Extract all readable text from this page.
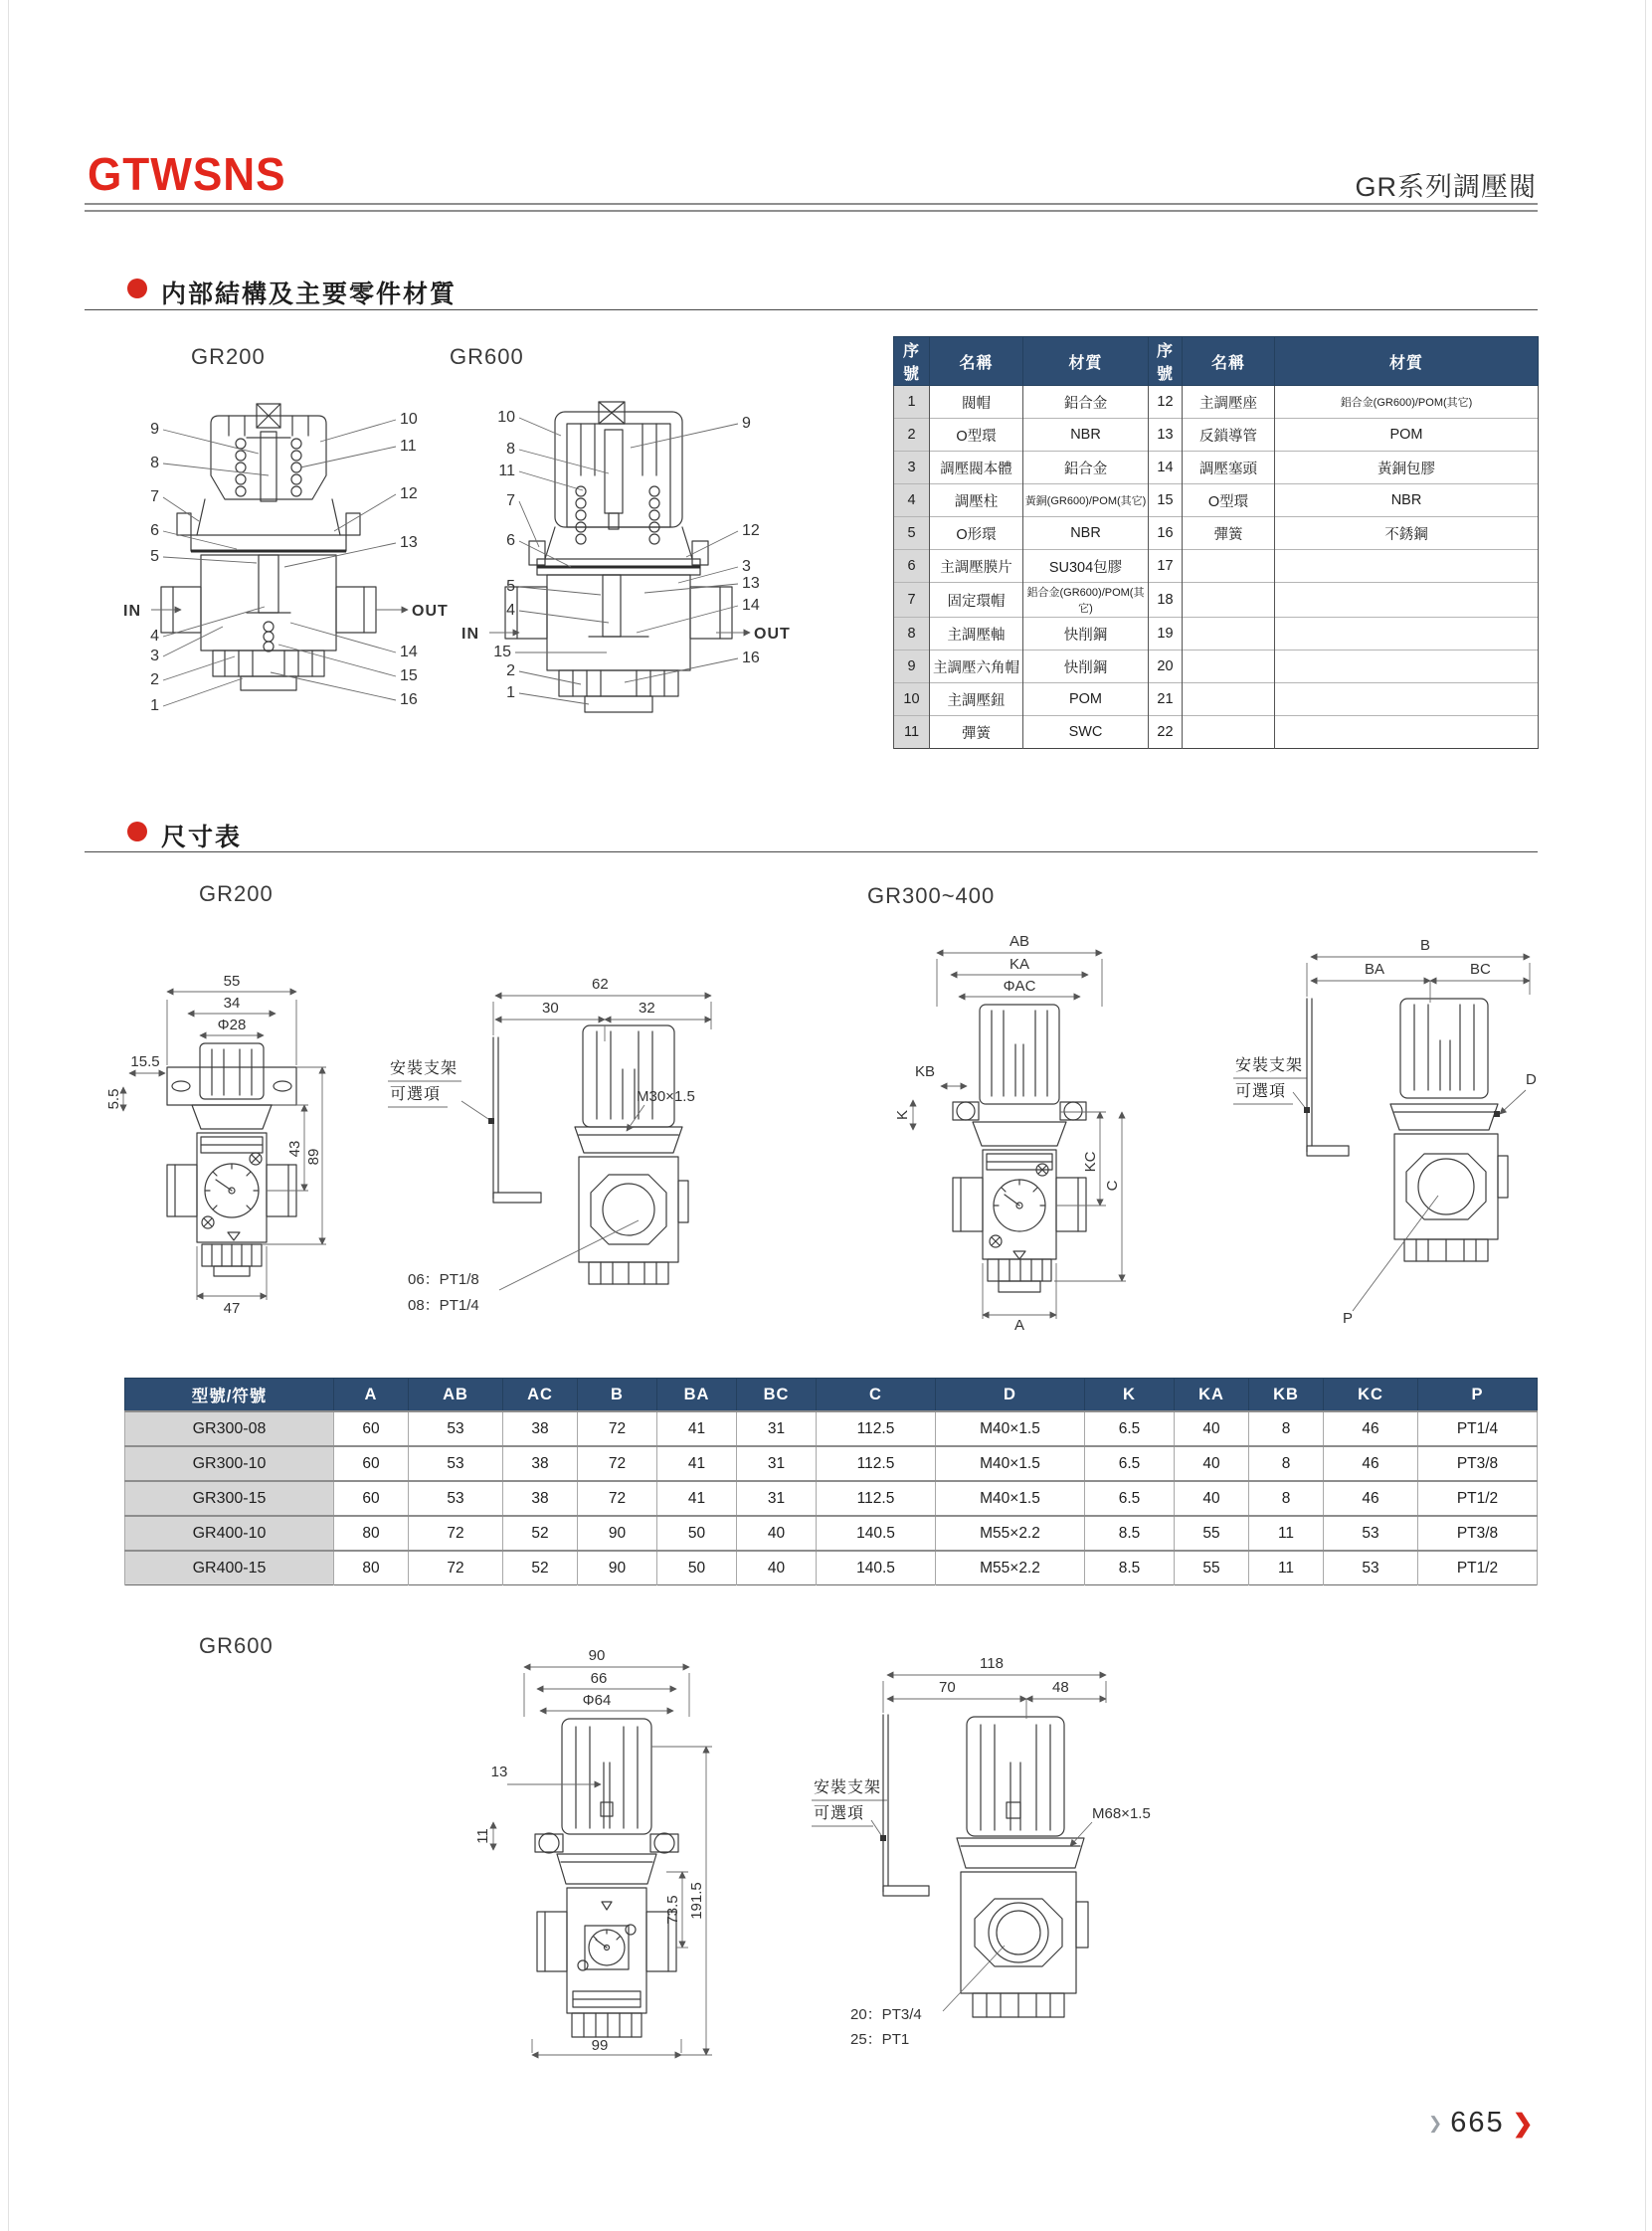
GTWSNS	GR系列調壓閥
内部結構及主要零件材質
GR200	GR600
IN	OUT
9
8
7
6
5
4
3
2
1
10
11
12
13
14
15
16
IN	OUT
10
8
11
7
6
5
4
15
2
1
9
12
3
13
14
16
序號	名稱	材質	序號	名稱	材質
1	閥帽	鋁合金	12	主調壓座	鋁合金(GR600)/POM(其它)
2	O型環	NBR	13	反鎖導管	POM
3	調壓閥本體	鋁合金	14	調壓塞頭	黃銅包膠
4	調壓柱	黃銅(GR600)/POM(其它)	15	O型環	NBR
5	O形環	NBR	16	彈簧	不銹鋼
6	主調壓膜片	SU304包膠	17		
7	固定環帽	鋁合金(GR600)/POM(其它)	18		
8	主調壓軸	快削鋼	19		
9	主調壓六角帽	快削鋼	20		
10	主調壓鈕	POM	21		
11	彈簧	SWC	22		
尺寸表
GR200	GR300~400
55
34
Φ28
15.5
5.5
43 89
47
安裝支架
可選項
62
30	32
M30×1.5
06：PT1/8
08：PT1/4
AB
KA
ΦAC
KB
K
KC
C
A
安裝支架
可選項
B
BA	BC
D
P
型號/符號	A	AB	AC	B	BA	BC	C	D	K	KA	KB	KC	P
GR300-08	60	53	38	72	41	31	112.5	M40×1.5	6.5	40	8	46	PT1/4
GR300-10	60	53	38	72	41	31	112.5	M40×1.5	6.5	40	8	46	PT3/8
GR300-15	60	53	38	72	41	31	112.5	M40×1.5	6.5	40	8	46	PT1/2
GR400-10	80	72	52	90	50	40	140.5	M55×2.2	8.5	55	11	53	PT3/8
GR400-15	80	72	52	90	50	40	140.5	M55×2.2	8.5	55	11	53	PT1/2
GR600	90
66
Φ64
13
11
73.5 191.5
99
安裝支架
可選項
118
70	48
M68×1.5
20：PT3/4
25：PT1
❯ 665 ❯
